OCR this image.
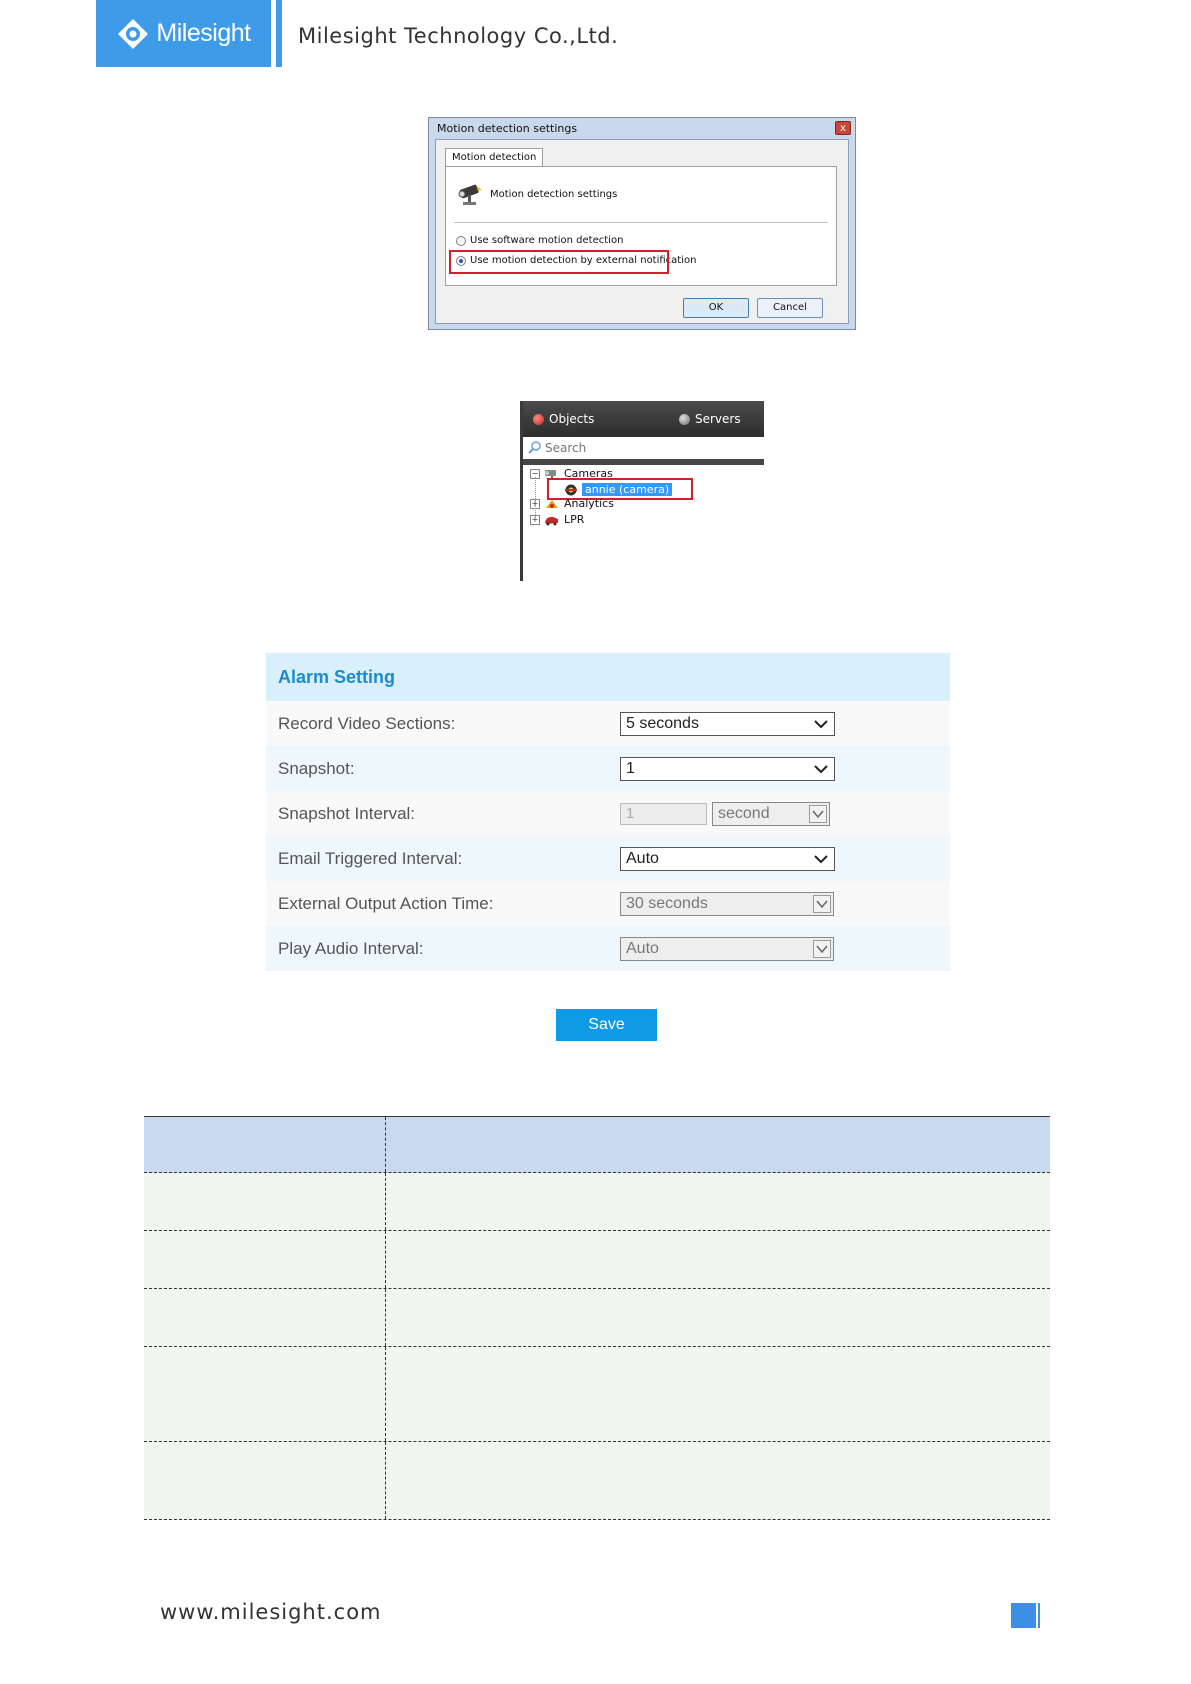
Milesight Milesight Technology Co.,Ltd.
Motion detection settings	x
Motion detection
Motion detection settings
Use software motion detection
Use motion detection by external notification
OK	Cancel
Objects	Servers
Search
− Cameras
annie (camera)
+ Analytics
+ LPR
Alarm Setting
Record Video Sections:	5 seconds
Snapshot:	1
Snapshot Interval:	1	second
Email Triggered Interval:	Auto
External Output Action Time:	30 seconds
Play Audio Interval:	Auto
Save
www.milesight.com
